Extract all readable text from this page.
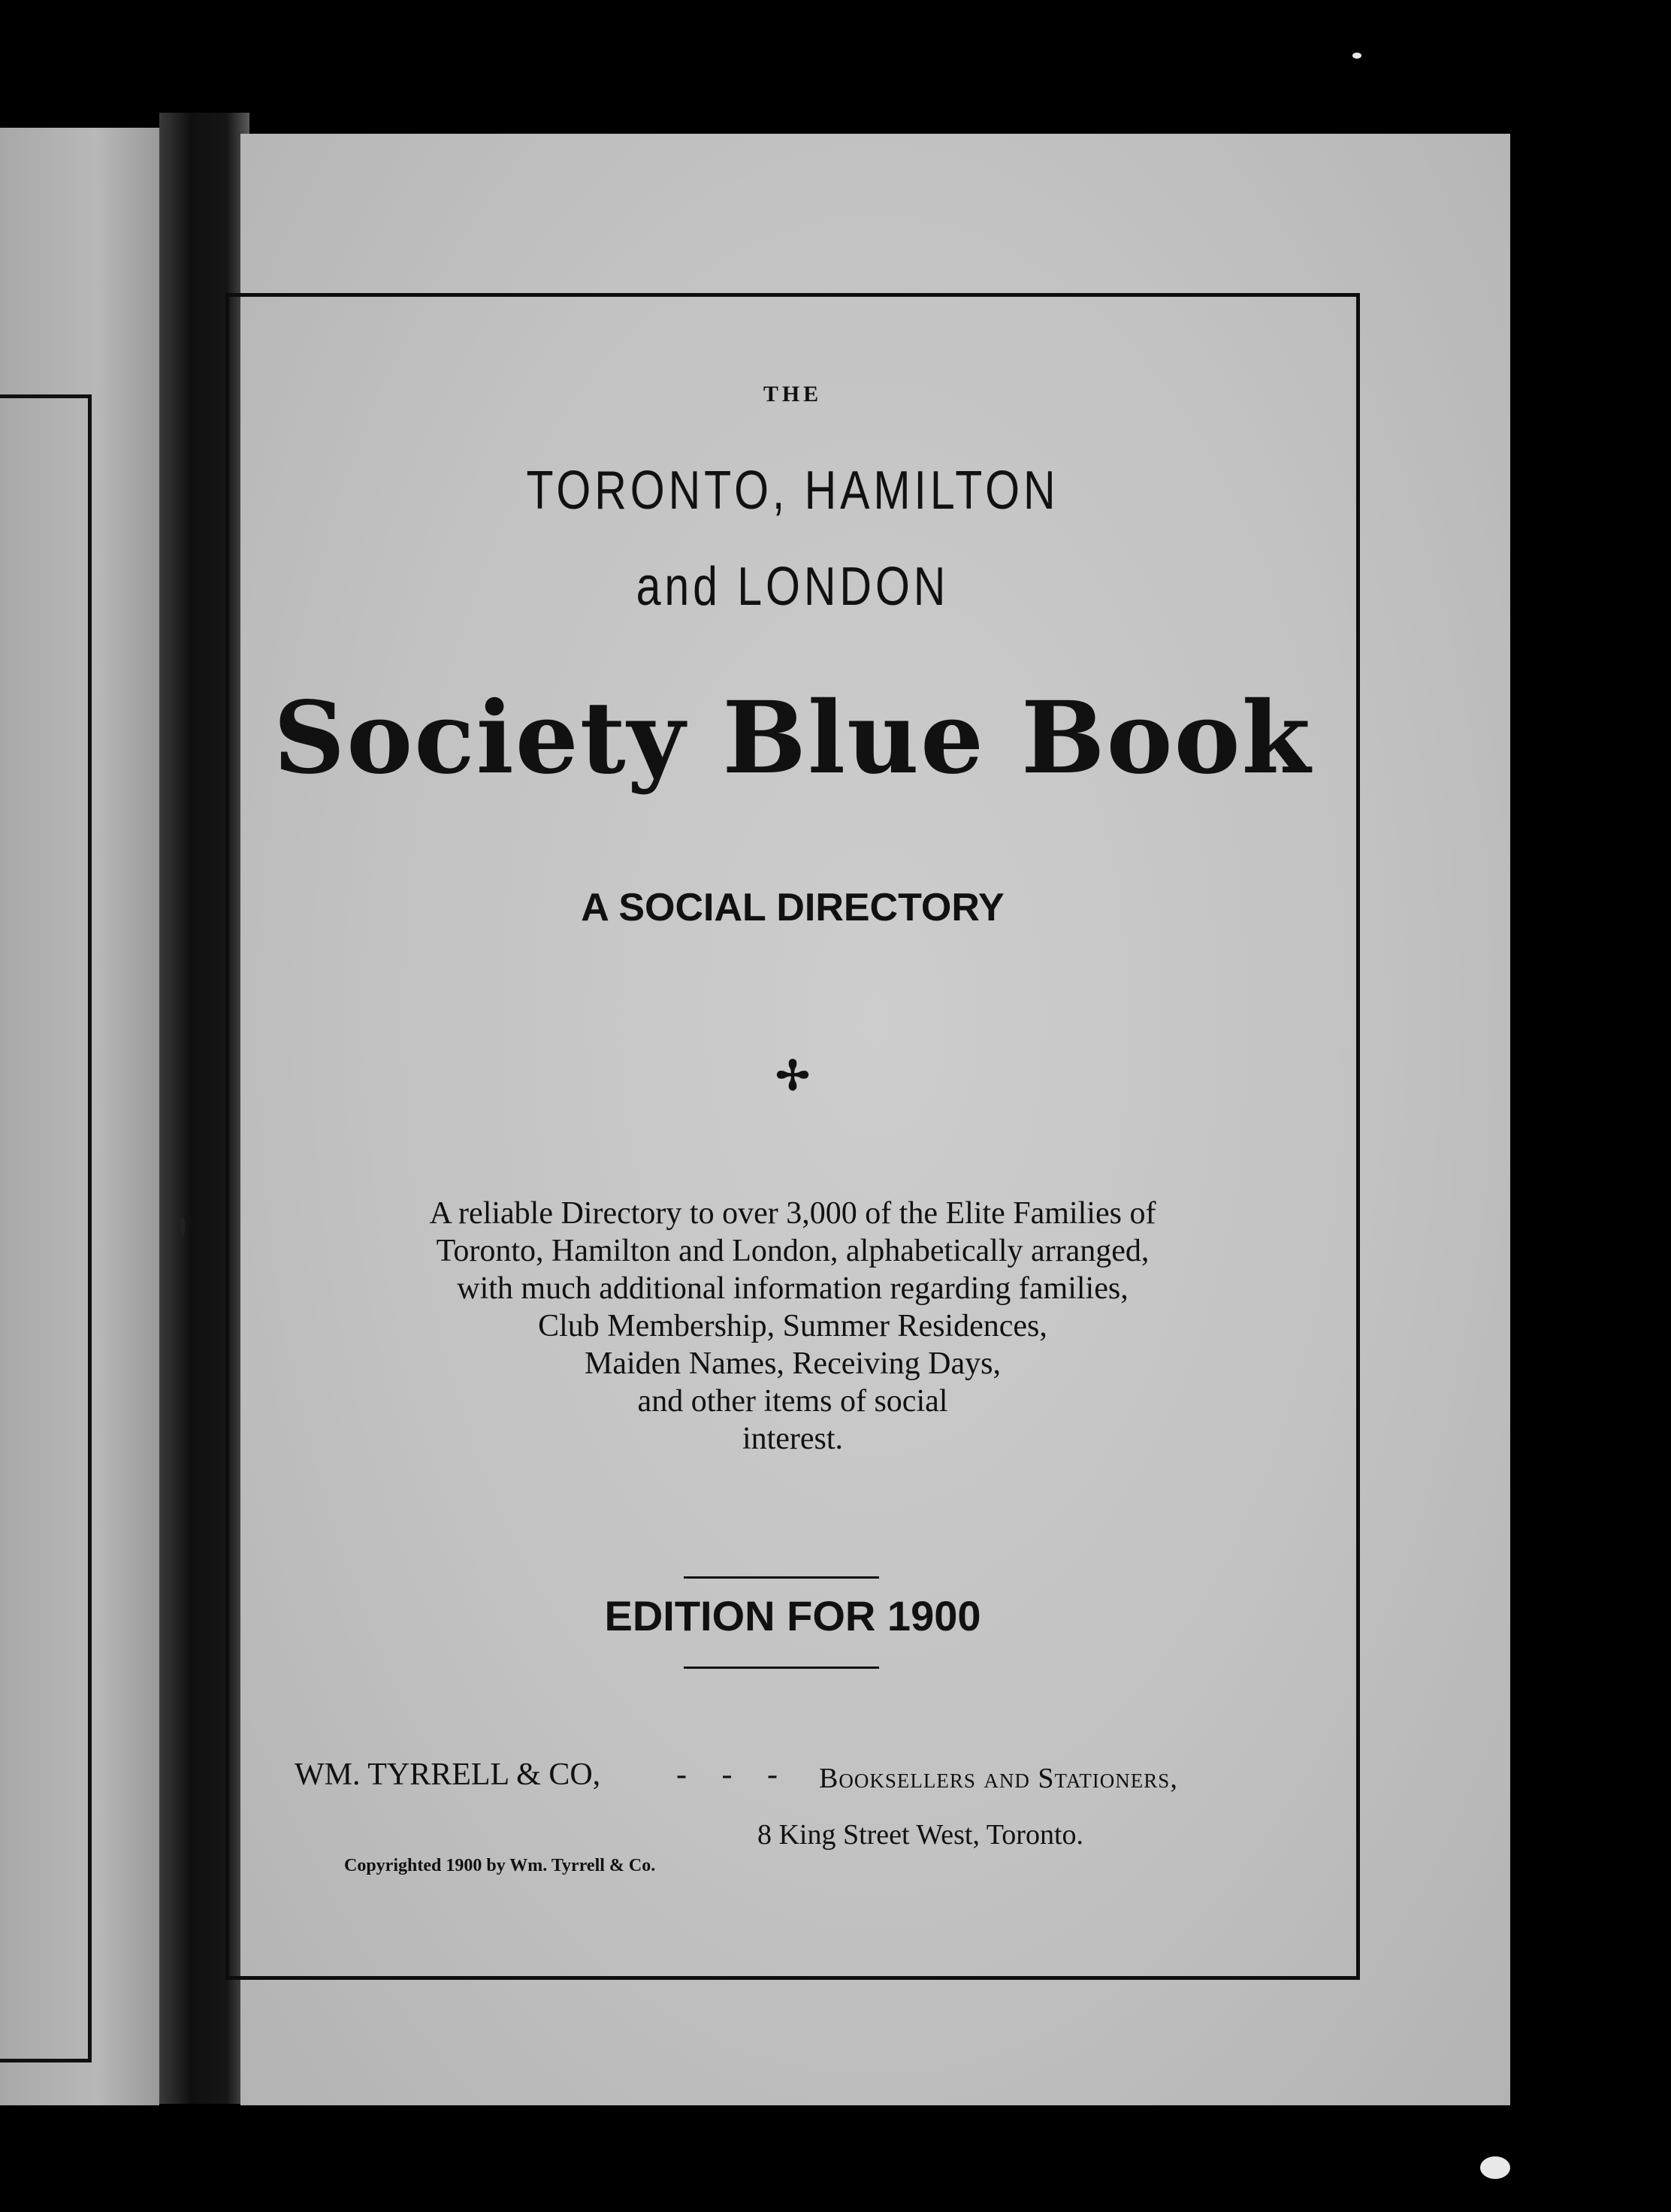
THE

TORONTO, HAMILTON

and LONDON

Society Blue Book

A SOCIAL DIRECTORY

✢

A reliable Directory to over 3,000 of the Elite Families of
Toronto, Hamilton and London, alphabetically arranged,
with much additional information regarding families,
Club Membership, Summer Residences,
Maiden Names, Receiving Days,
and other items of social
interest.

EDITION FOR 1900

WM. TYRRELL & CO, - - - Booksellers and Stationers,

8 King Street West, Toronto.

Copyrighted 1900 by Wm. Tyrrell & Co.
